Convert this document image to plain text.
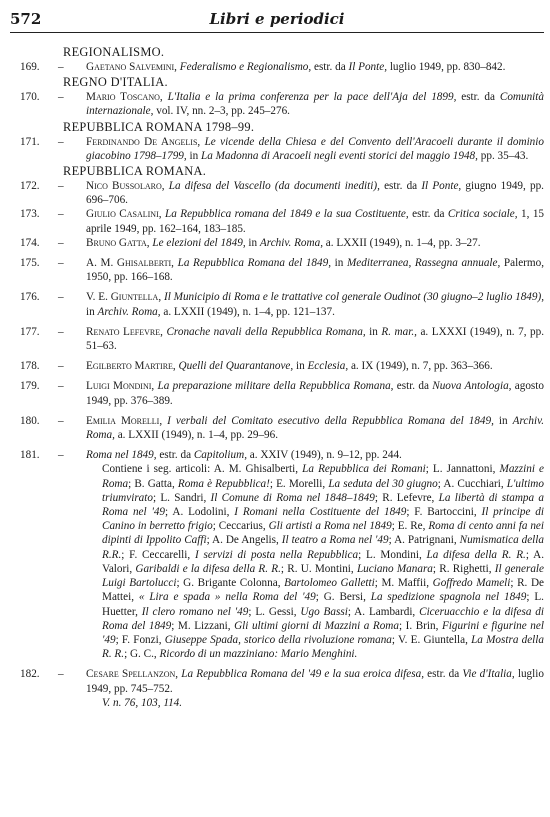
572	Libri e periodici
REGIONALISMO.
169.	– Gaetano Salvemini, Federalismo e Regionalismo, estr. da Il Ponte, luglio 1949, pp. 830–842.
REGNO D'ITALIA.
170.	– Mario Toscano, L'Italia e la prima conferenza per la pace dell'Aja del 1899, estr. da Comunità internazionale, vol. IV, nn. 2–3, pp. 245–276.
REPUBBLICA ROMANA 1798–99.
171.	– Ferdinando De Angelis, Le vicende della Chiesa e del Convento dell'Aracoeli durante il dominio giacobino 1798–1799, in La Madonna di Aracoeli negli eventi storici del maggio 1948, pp. 35–43.
REPUBBLICA ROMANA.
172.	– Nico Bussolaro, La difesa del Vascello (da documenti inediti), estr. da Il Ponte, giugno 1949, pp. 696–706.
173.	– Giulio Casalini, La Repubblica romana del 1849 e la sua Costituente, estr. da Critica sociale, 1, 15 aprile 1949, pp. 162–164, 183–185.
174.	– Bruno Gatta, Le elezioni del 1849, in Archiv. Roma, a. LXXII (1949), n. 1–4, pp. 3–27.
175.	– A. M. Ghisalberti, La Repubblica Romana del 1849, in Mediterranea, Rassegna annuale, Palermo, 1950, pp. 166–168.
176.	– V. E. Giuntella, Il Municipio di Roma e le trattative col generale Oudinot (30 giugno–2 luglio 1849), in Archiv. Roma, a. LXXII (1949), n. 1–4, pp. 121–137.
177.	– Renato Lefevre, Cronache navali della Repubblica Romana, in R. mar., a. LXXXI (1949), n. 7, pp. 51–63.
178.	– Egilberto Martire, Quelli del Quarantanove, in Ecclesia, a. IX (1949), n. 7, pp. 363–366.
179.	– Luigi Mondini, La preparazione militare della Repubblica Romana, estr. da Nuova Antologia, agosto 1949, pp. 376–389.
180.	– Emilia Morelli, I verbali del Comitato esecutivo della Repubblica Romana del 1849, in Archiv. Roma, a. LXXII (1949), n. 1–4, pp. 29–96.
181.	– Roma nel 1849, estr. da Capitolium, a. XXIV (1949), n. 9–12, pp. 244.
Contiene i seg. articoli: A. M. Ghisalberti, La Repubblica dei Romani; L. Jannattoni, Mazzini e Roma; B. Gatta, Roma è Repubblica!; E. Morelli, La seduta del 30 giugno; A. Cucchiari, L'ultimo triumvirato; L. Sandri, Il Comune di Roma nel 1848–1849; R. Lefevre, La libertà di stampa a Roma nel '49; A. Lodolini, I Romani nella Costituente del 1849; F. Bartoccini, Il principe di Canino in berretto frigio; Ceccarius, Gli artisti a Roma nel 1849; E. Re, Roma di cento anni fa nei dipinti di Ippolito Caffi; A. De Angelis, Il teatro a Roma nel '49; A. Patrignani, Numismatica della R.R.; F. Ceccarelli, I servizi di posta nella Repubblica; L. Mondini, La difesa della R. R.; A. Valori, Garibaldi e la difesa della R. R.; R. U. Montini, Luciano Manara; R. Righetti, Il generale Luigi Bartolucci; G. Brigante Colonna, Bartolomeo Galletti; M. Maffii, Goffredo Mameli; R. De Mattei, « Lira e spada » nella Roma del '49; G. Bersi, La spedizione spagnola nel 1849; L. Huetter, Il clero romano nel '49; L. Gessi, Ugo Bassi; A. Lambardi, Ciceruacchio e la difesa di Roma del 1849; M. Lizzani, Gli ultimi giorni di Mazzini a Roma; I. Brin, Figurini e figurine nel '49; F. Fonzi, Giuseppe Spada, storico della rivoluzione romana; V. E. Giuntella, La Mostra della R. R.; G. C., Ricordo di un mazziniano: Mario Menghini.
182.	– Cesare Spellanzon, La Repubblica Romana del '49 e la sua eroica difesa, estr. da Vie d'Italia, luglio 1949, pp. 745–752.
V. n. 76, 103, 114.
